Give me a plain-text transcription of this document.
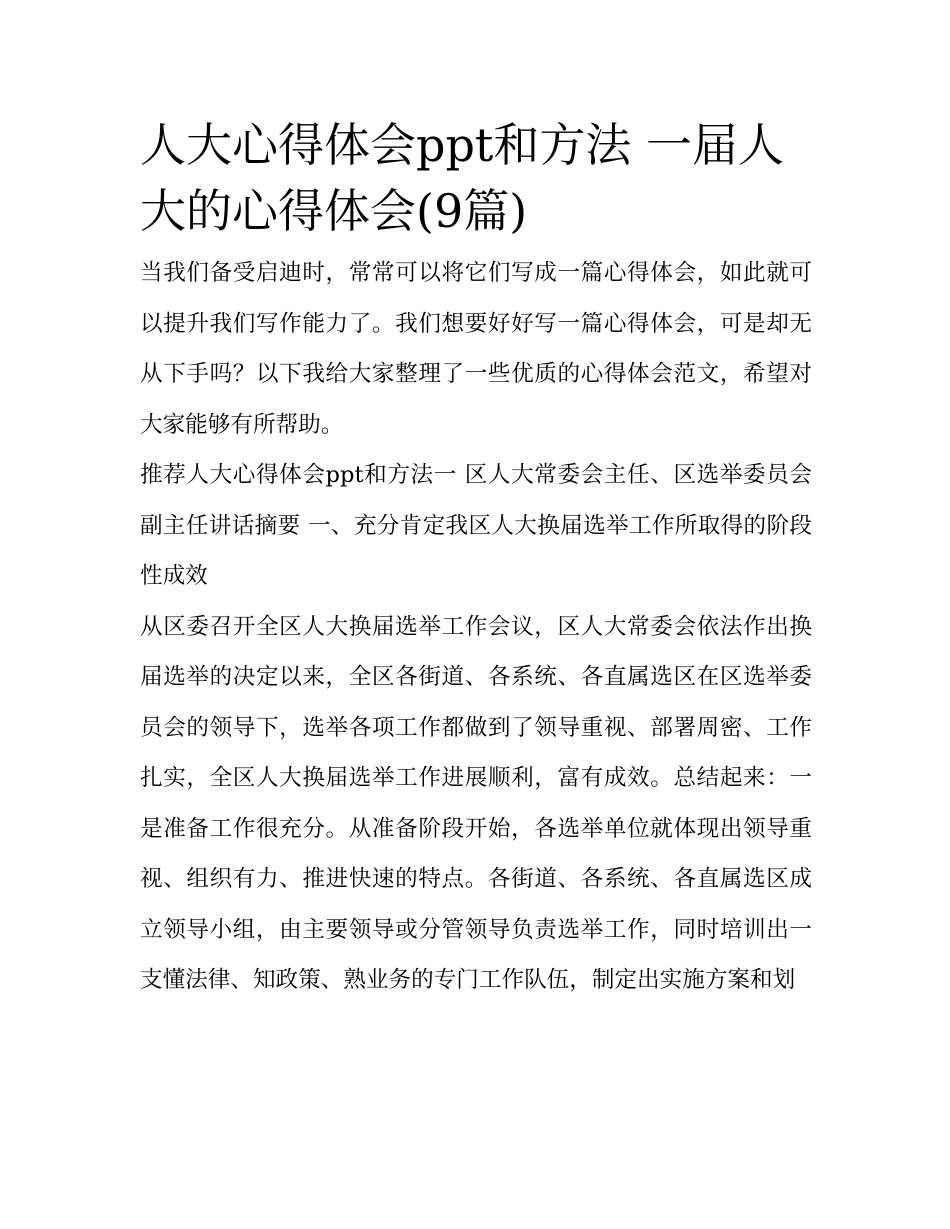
人大心得体会ppt和方法 一届人大的心得体会(9篇)

当我们备受启迪时，常常可以将它们写成一篇心得体会，如此就可以提升我们写作能力了。我们想要好好写一篇心得体会，可是却无从下手吗？以下我给大家整理了一些优质的心得体会范文，希望对大家能够有所帮助。

推荐人大心得体会ppt和方法一 区人大常委会主任、区选举委员会副主任讲话摘要 一、充分肯定我区人大换届选举工作所取得的阶段性成效

从区委召开全区人大换届选举工作会议，区人大常委会依法作出换届选举的决定以来，全区各街道、各系统、各直属选区在区选举委员会的领导下，选举各项工作都做到了领导重视、部署周密、工作扎实，全区人大换届选举工作进展顺利，富有成效。总结起来：一是准备工作很充分。从准备阶段开始，各选举单位就体现出领导重视、组织有力、推进快速的特点。各街道、各系统、各直属选区成立领导小组，由主要领导或分管领导负责选举工作，同时培训出一支懂法律、知政策、熟业务的专门工作队伍，制定出实施方案和划
